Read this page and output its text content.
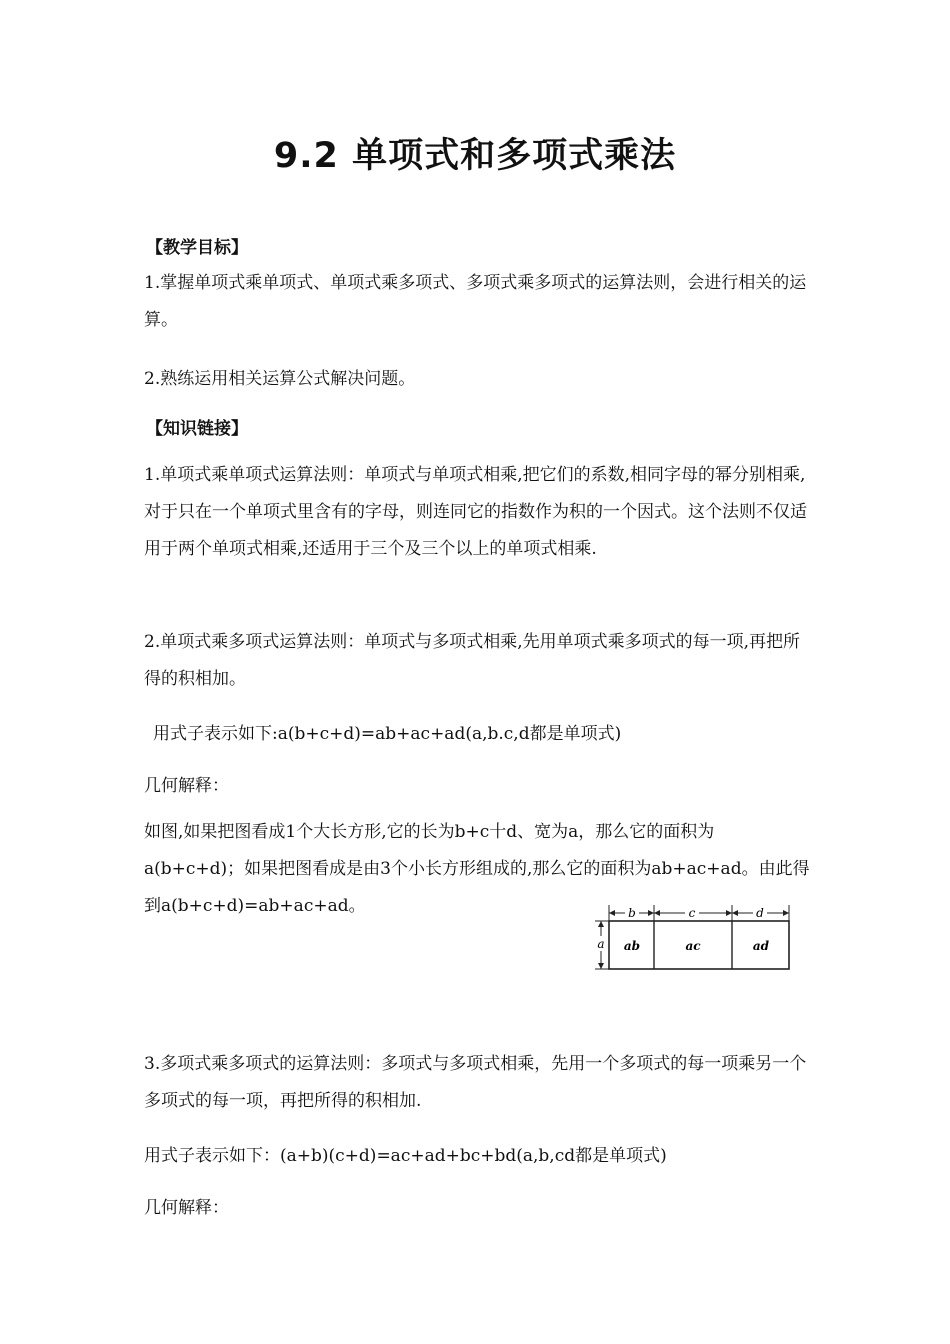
9.2 单项式和多项式乘法
【教学目标】

1.掌握单项式乘单项式、单项式乘多项式、多项式乘多项式的运算法则，会进行相关的运算。

2.熟练运用相关运算公式解决问题。

【知识链接】

1.单项式乘单项式运算法则：单项式与单项式相乘,把它们的系数,相同字母的幂分别相乘,对于只在一个单项式里含有的字母，则连同它的指数作为积的一个因式。这个法则不仅适用于两个单项式相乘,还适用于三个及三个以上的单项式相乘.

2.单项式乘多项式运算法则：单项式与多项式相乘,先用单项式乘多项式的每一项,再把所得的积相加。

用式子表示如下:a(b+c+d)=ab+ac+ad(a,b.c,d都是单项式)

几何解释：

如图,如果把图看成1个大长方形,它的长为b+c十d、宽为a，那么它的面积为a(b+c+d)；如果把图看成是由3个小长方形组成的,那么它的面积为ab+ac+ad。由此得到a(b+c+d)=ab+ac+ad。	b	c	d
a ab	ac	ad

3.多项式乘多项式的运算法则：多项式与多项式相乘，先用一个多项式的每一项乘另一个多项式的每一项，再把所得的积相加.

用式子表示如下：(a+b)(c+d)=ac+ad+bc+bd(a,b,cd都是单项式)

几何解释：
